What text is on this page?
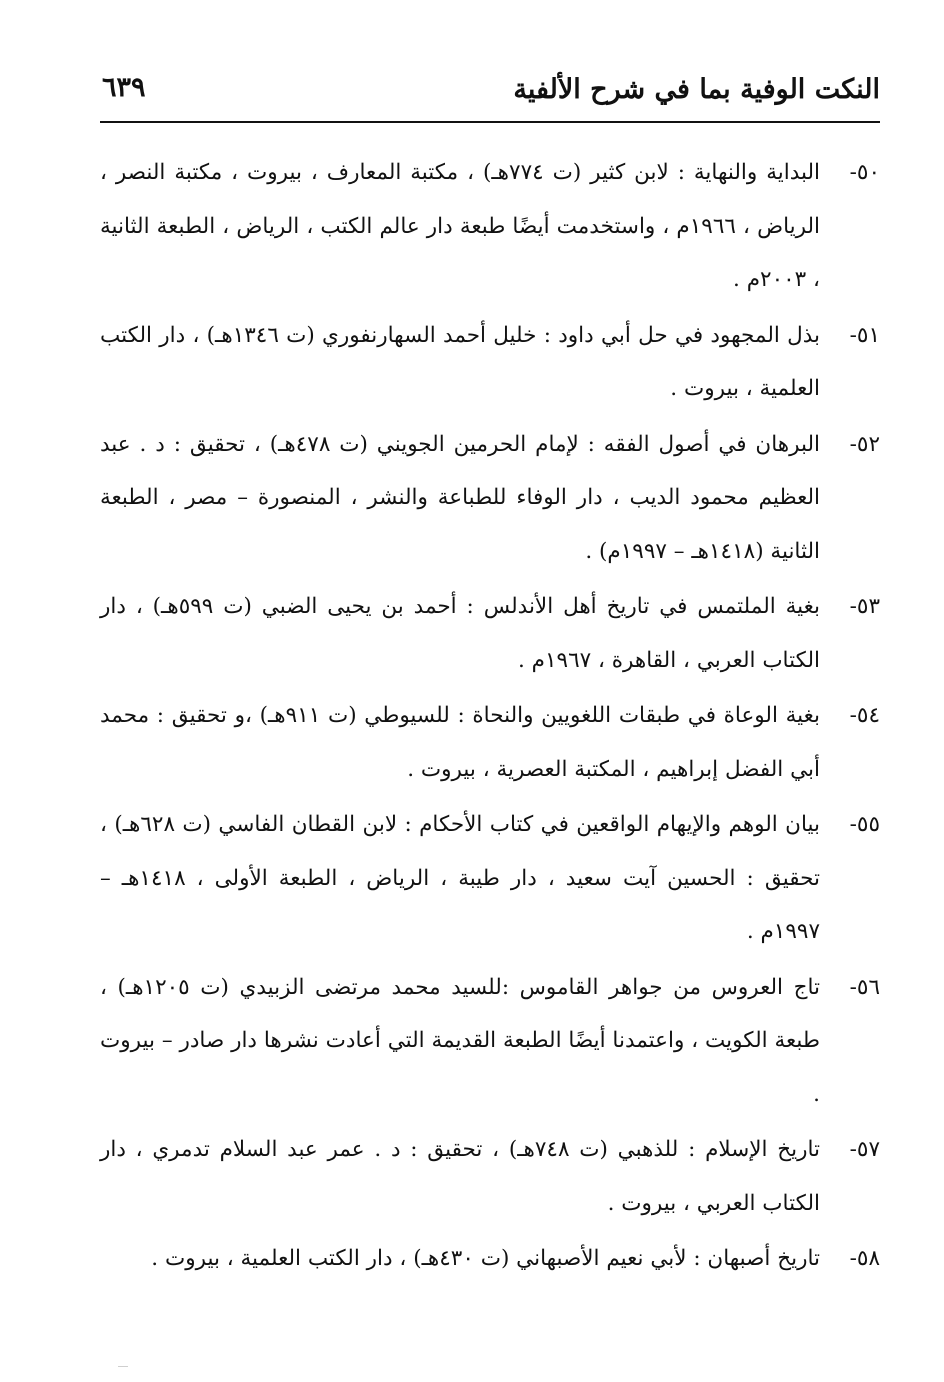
النكت الوفية بما في شرح الألفية
٦٣٩
٥٠-
البداية والنهاية : لابن كثير (ت ٧٧٤هـ) ، مكتبة المعارف ، بيروت ، مكتبة النصر ، الرياض ، ١٩٦٦م ، واستخدمت أيضًا طبعة دار عالم الكتب ، الرياض ، الطبعة الثانية ، ٢٠٠٣م .
٥١-
بذل المجهود في حل أبي داود : خليل أحمد السهارنفوري (ت ١٣٤٦هـ) ، دار الكتب العلمية ، بيروت .
٥٢-
البرهان في أصول الفقه : لإمام الحرمين الجويني (ت ٤٧٨هـ) ، تحقيق : د . عبد العظيم محمود الديب ، دار الوفاء للطباعة والنشر ، المنصورة – مصر ، الطبعة الثانية (١٤١٨هـ – ١٩٩٧م) .
٥٣-
بغية الملتمس في تاريخ أهل الأندلس : أحمد بن يحيى الضبي (ت ٥٩٩هـ) ، دار الكتاب العربي ، القاهرة ، ١٩٦٧م .
٥٤-
بغية الوعاة في طبقات اللغويين والنحاة : للسيوطي (ت ٩١١هـ) ،و تحقيق : محمد أبي الفضل إبراهيم ، المكتبة العصرية ، بيروت .
٥٥-
بيان الوهم والإيهام الواقعين في كتاب الأحكام : لابن القطان الفاسي (ت ٦٢٨هـ) ، تحقيق : الحسين آيت سعيد ، دار طيبة ، الرياض ، الطبعة الأولى ، ١٤١٨هـ – ١٩٩٧م .
٥٦-
تاج العروس من جواهر القاموس :للسيد محمد مرتضى الزبيدي (ت ١٢٠٥هـ) ، طبعة الكويت ، واعتمدنا أيضًا الطبعة القديمة التي أعادت نشرها دار صادر – بيروت .
٥٧-
تاريخ الإسلام : للذهبي (ت ٧٤٨هـ) ، تحقيق : د . عمر عبد السلام تدمري ، دار الكتاب العربي ، بيروت .
٥٨-
تاريخ أصبهان : لأبي نعيم الأصبهاني (ت ٤٣٠هـ) ، دار الكتب العلمية ، بيروت .
